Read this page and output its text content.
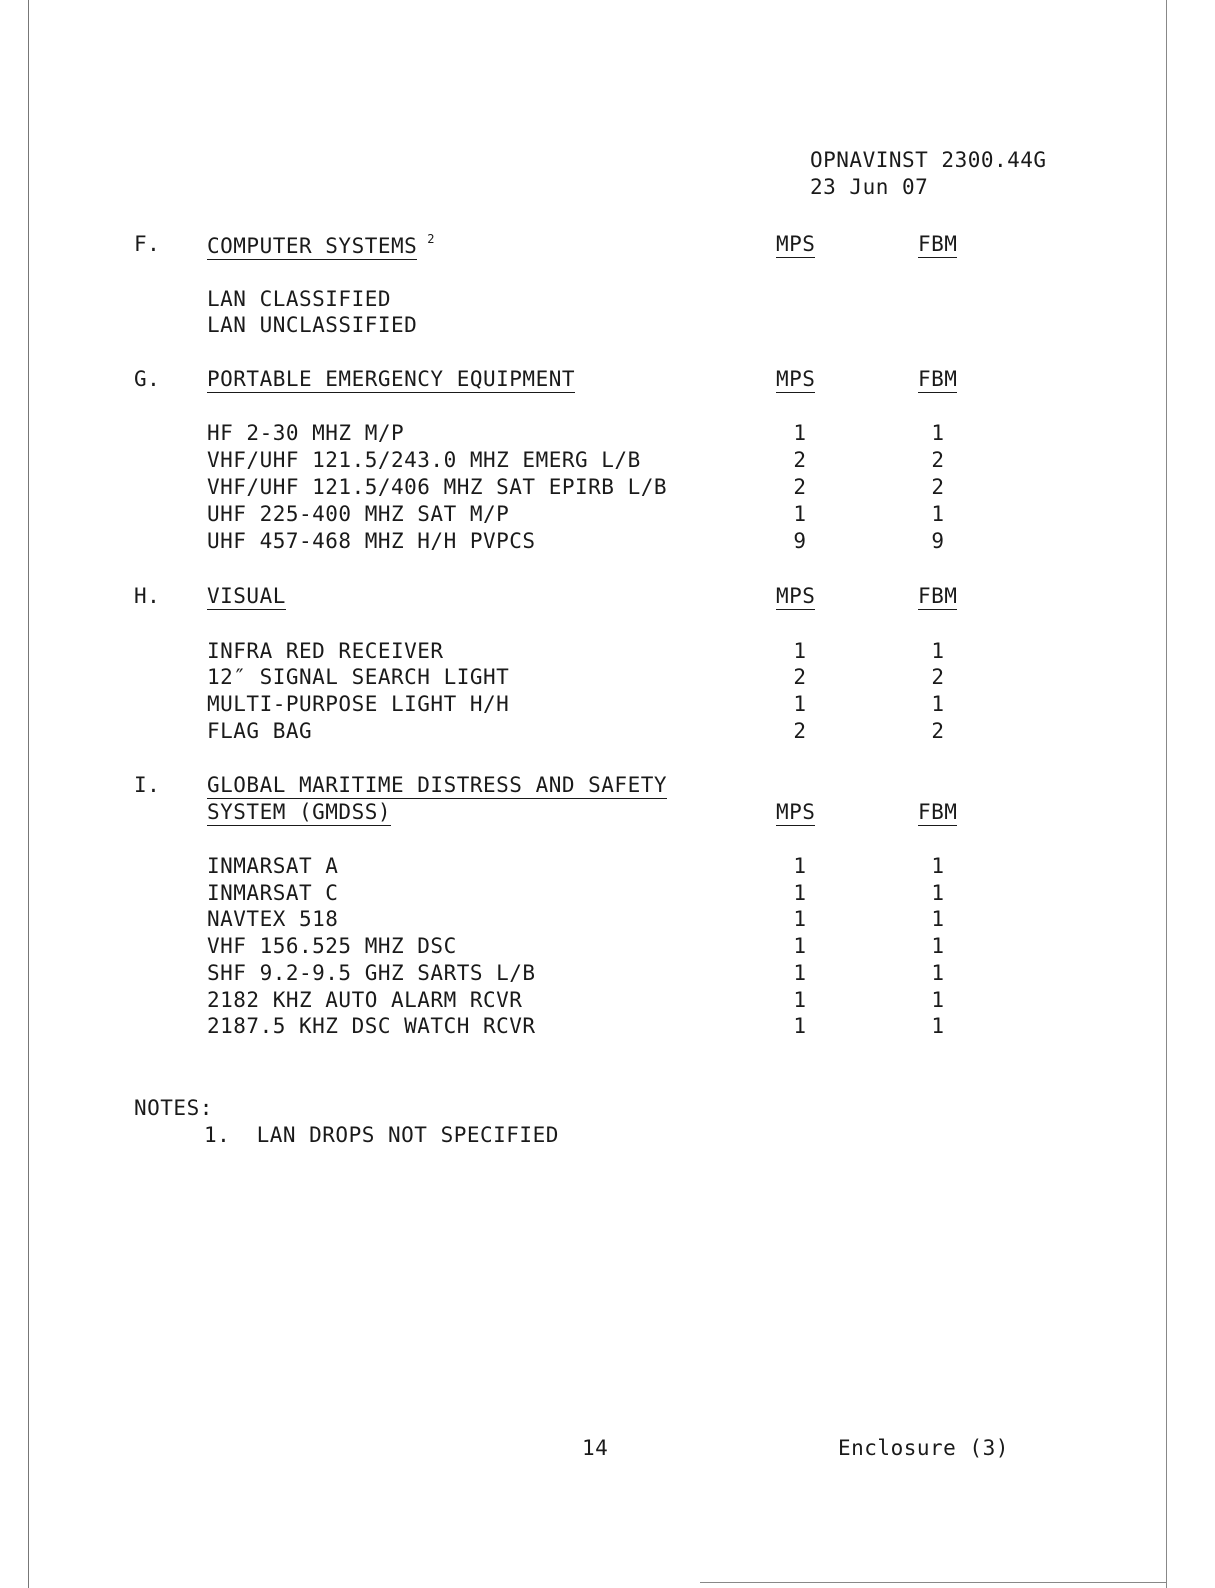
OPNAVINST 2300.44G
23 Jun 07
F. COMPUTER SYSTEMS $^2$	MPS	FBM
LAN CLASSIFIED
LAN UNCLASSIFIED
G. PORTABLE EMERGENCY EQUIPMENT	MPS	FBM
HF 2-30 MHZ M/P	1	1
VHF/UHF 121.5/243.0 MHZ EMERG L/B	2	2
VHF/UHF 121.5/406 MHZ SAT EPIRB L/B	2	2
UHF 225-400 MHZ SAT M/P	1	1
UHF 457-468 MHZ H/H PVPCS	9	9
H. VISUAL	MPS	FBM
INFRA RED RECEIVER	1	1
12″ SIGNAL SEARCH LIGHT	2	2
MULTI-PURPOSE LIGHT H/H	1	1
FLAG BAG	2	2
I. GLOBAL MARITIME DISTRESS AND SAFETY
SYSTEM (GMDSS)	MPS	FBM
INMARSAT A	1	1
INMARSAT C	1	1
NAVTEX 518	1	1
VHF 156.525 MHZ DSC	1	1
SHF 9.2-9.5 GHZ SARTS L/B	1	1
2182 KHZ AUTO ALARM RCVR	1	1
2187.5 KHZ DSC WATCH RCVR	1	1
NOTES:
1.  LAN DROPS NOT SPECIFIED
14	Enclosure (3)
